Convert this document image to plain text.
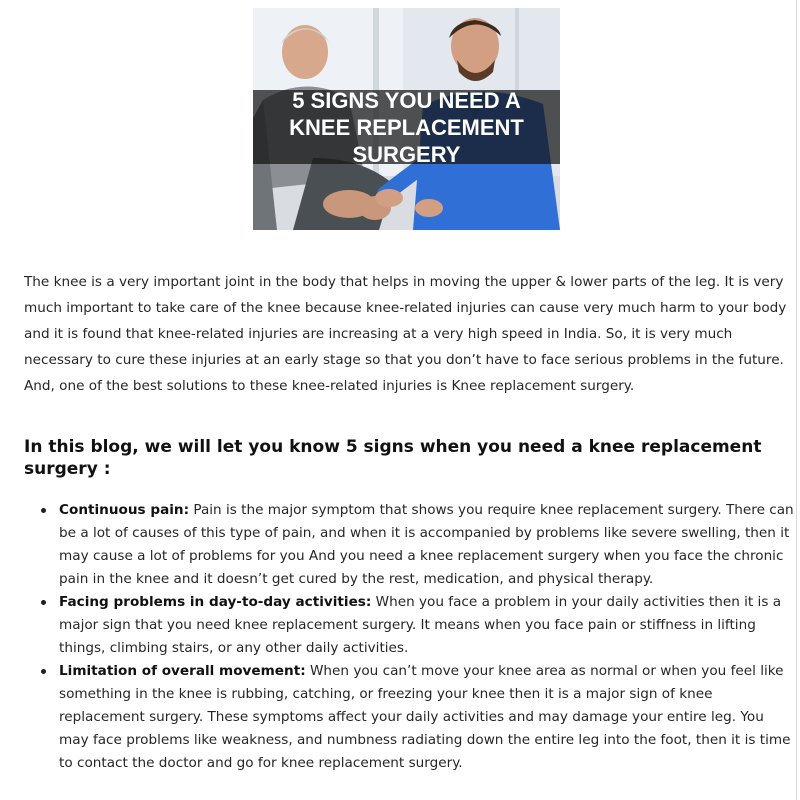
5 SIGNS YOU NEED A KNEE REPLACEMENT SURGERY

The knee is a very important joint in the body that helps in moving the upper & lower parts of the leg. It is very much important to take care of the knee because knee-related injuries can cause very much harm to your body and it is found that knee-related injuries are increasing at a very high speed in India. So, it is very much necessary to cure these injuries at an early stage so that you don’t have to face serious problems in the future. And, one of the best solutions to these knee-related injuries is Knee replacement surgery.

In this blog, we will let you know 5 signs when you need a knee replacement surgery :
Continuous pain: Pain is the major symptom that shows you require knee replacement surgery. There can be a lot of causes of this type of pain, and when it is accompanied by problems like severe swelling, then it may cause a lot of problems for you And you need a knee replacement surgery when you face the chronic pain in the knee and it doesn’t get cured by the rest, medication, and physical therapy.
Facing problems in day-to-day activities: When you face a problem in your daily activities then it is a major sign that you need knee replacement surgery. It means when you face pain or stiffness in lifting things, climbing stairs, or any other daily activities.
Limitation of overall movement: When you can’t move your knee area as normal or when you feel like something in the knee is rubbing, catching, or freezing your knee then it is a major sign of knee replacement surgery. These symptoms affect your daily activities and may damage your entire leg. You may face problems like weakness, and numbness radiating down the entire leg into the foot, then it is time to contact the doctor and go for knee replacement surgery.
